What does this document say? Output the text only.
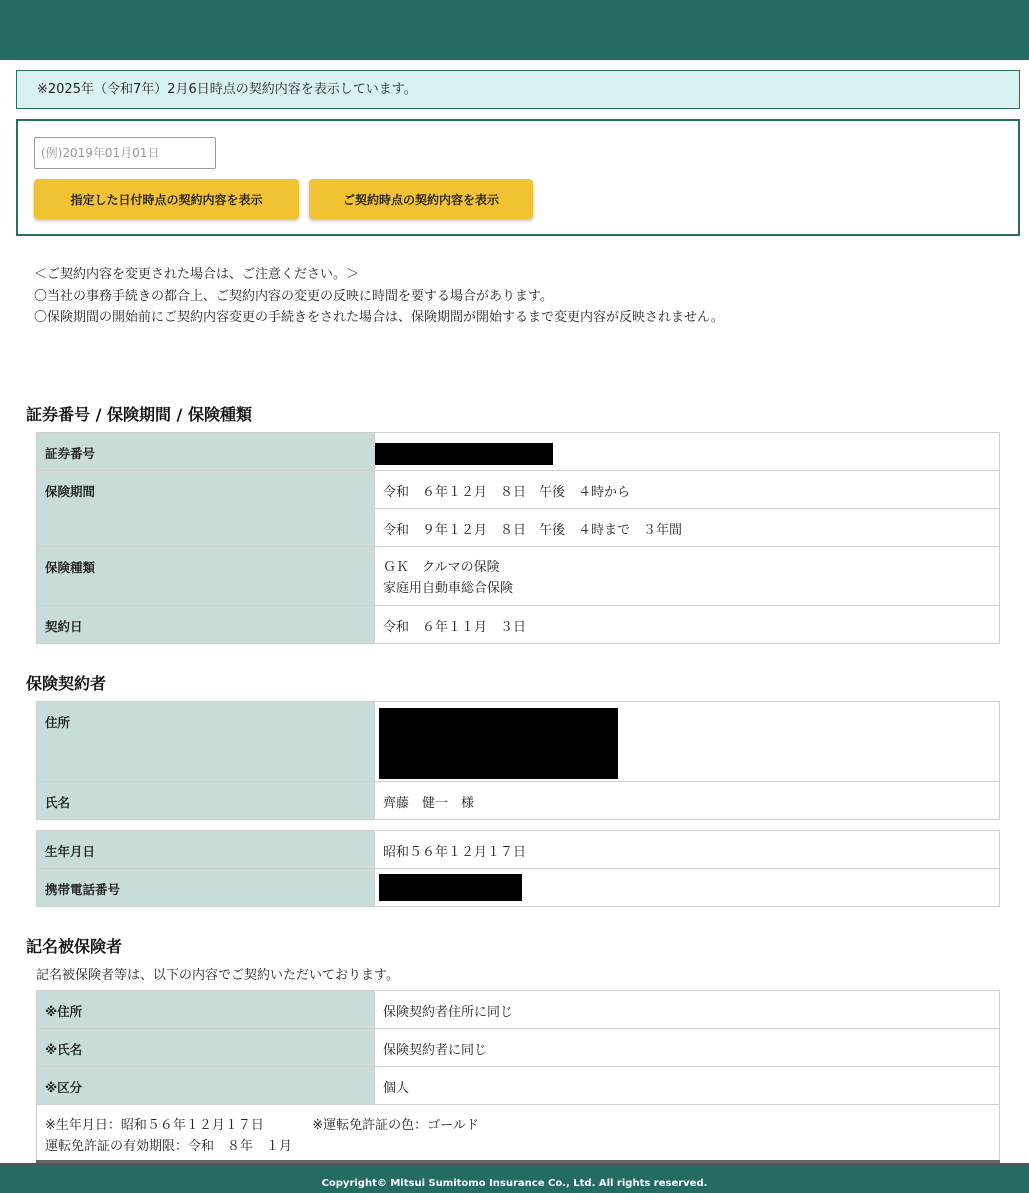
※2025年（令和7年）2月6日時点の契約内容を表示しています。
(例)2019年01月01日
指定した日付時点の契約内容を表示	ご契約時点の契約内容を表示
＜ご契約内容を変更された場合は、ご注意ください。＞
〇当社の事務手続きの都合上、ご契約内容の変更の反映に時間を要する場合があります。
〇保険期間の開始前にご契約内容変更の手続きをされた場合は、保険期間が開始するまで変更内容が反映されません。
証券番号 / 保険期間 / 保険種類
証券番号	

保険期間	令和　６年１２月　８日　午後　４時から
	令和　９年１２月　８日　午後　４時まで　３年間
保険種類	ＧＫ　クルマの保険
家庭用自動車総合保険

契約日	令和　６年１１月　３日
保険契約者
住所	

氏名	齊藤　健一　様
生年月日	昭和５６年１２月１７日
携帯電話番号	
記名被保険者
記名被保険者等は、以下の内容でご契約いただいております。
※住所	保険契約者住所に同じ
※氏名	保険契約者に同じ
※区分	個人

※生年月日：昭和５６年１２月１７日 ※運転免許証の色：ゴールド
運転免許証の有効期限：令和　８年　１月	
Copyright© Mitsui Sumitomo Insurance Co., Ltd. All rights reserved.
